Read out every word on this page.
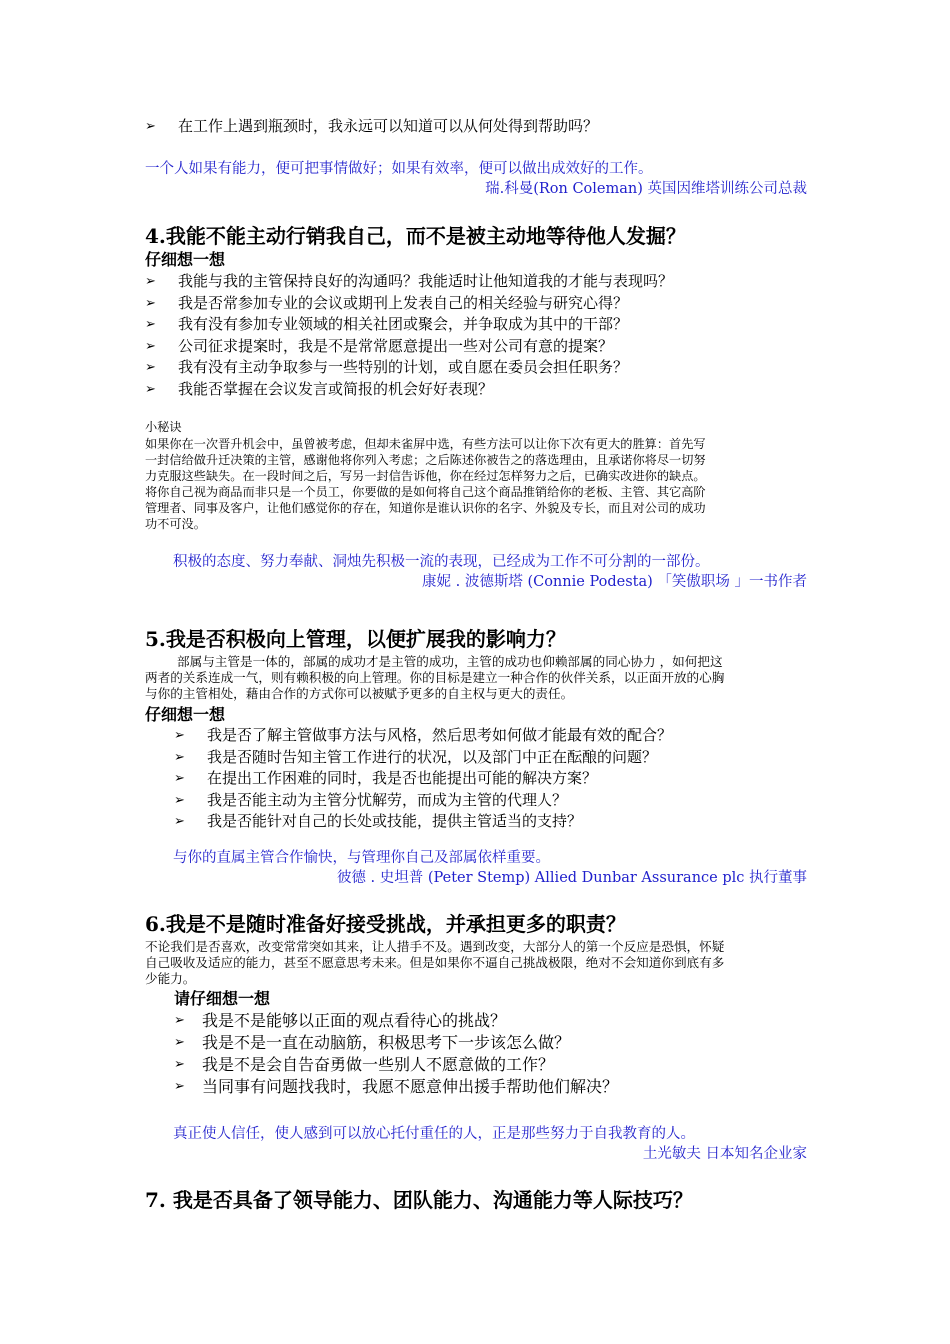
➢	在工作上遇到瓶颈时，我永远可以知道可以从何处得到帮助吗？
一个人如果有能力，便可把事情做好；如果有效率，便可以做出成效好的工作。
瑞.科曼(Ron Coleman) 英国因维塔训练公司总裁
4.我能不能主动行销我自己，而不是被主动地等待他人发掘？
仔细想一想
➢	我能与我的主管保持良好的沟通吗？我能适时让他知道我的才能与表现吗？
➢	我是否常参加专业的会议或期刊上发表自己的相关经验与研究心得？
➢	我有没有参加专业领域的相关社团或聚会，并争取成为其中的干部？
➢	公司征求提案时，我是不是常常愿意提出一些对公司有意的提案？
➢	我有没有主动争取参与一些特别的计划，或自愿在委员会担任职务？
➢	我能否掌握在会议发言或简报的机会好好表现？
小秘诀
如果你在一次晋升机会中，虽曾被考虑，但却未雀屏中选，有些方法可以让你下次有更大的胜算：首先写
一封信给做升迁决策的主管，感谢他将你列入考虑；之后陈述你被告之的落选理由，且承诺你将尽一切努
力克服这些缺失。在一段时间之后，写另一封信告诉他，你在经过怎样努力之后，已确实改进你的缺点。
将你自己视为商品而非只是一个员工，你要做的是如何将自己这个商品推销给你的老板、主管、其它高阶
管理者、同事及客户，让他们感觉你的存在，知道你是谁认识你的名字、外貌及专长，而且对公司的成功
功不可没。
积极的态度、努力奉献、洞烛先积极一流的表现，已经成为工作不可分割的一部份。
康妮 . 波德斯塔 (Connie Podesta) 「笑傲职场 」一书作者
5.我是否积极向上管理，以便扩展我的影响力？
部属与主管是一体的，部属的成功才是主管的成功，主管的成功也仰赖部属的同心协力 ，如何把这
两者的关系连成一气，则有赖积极的向上管理。你的目标是建立一种合作的伙伴关系，以正面开放的心胸
与你的主管相处，藉由合作的方式你可以被赋予更多的自主权与更大的责任。
仔细想一想
➢	我是否了解主管做事方法与风格，然后思考如何做才能最有效的配合？
➢	我是否随时告知主管工作进行的状况，以及部门中正在酝酿的问题？
➢	在提出工作困难的同时，我是否也能提出可能的解决方案？
➢	我是否能主动为主管分忧解劳，而成为主管的代理人？
➢	我是否能针对自己的长处或技能，提供主管适当的支持？
与你的直属主管合作愉快，与管理你自己及部属依样重要。
彼德 . 史坦普 (Peter Stemp) Allied Dunbar Assurance plc 执行董事
6.我是不是随时准备好接受挑战，并承担更多的职责？
不论我们是否喜欢，改变常常突如其来，让人措手不及。遇到改变，大部分人的第一个反应是恐惧，怀疑
自己吸收及适应的能力，甚至不愿意思考未来。但是如果你不逼自己挑战极限，绝对不会知道你到底有多
少能力。
请仔细想一想
➢	我是不是能够以正面的观点看待心的挑战？
➢	我是不是一直在动脑筋，积极思考下一步该怎么做？
➢	我是不是会自告奋勇做一些别人不愿意做的工作？
➢	当同事有问题找我时，我愿不愿意伸出援手帮助他们解决？
真正使人信任，使人感到可以放心托付重任的人，正是那些努力于自我教育的人。
土光敏夫 日本知名企业家
7. 我是否具备了领导能力、团队能力、沟通能力等人际技巧？
